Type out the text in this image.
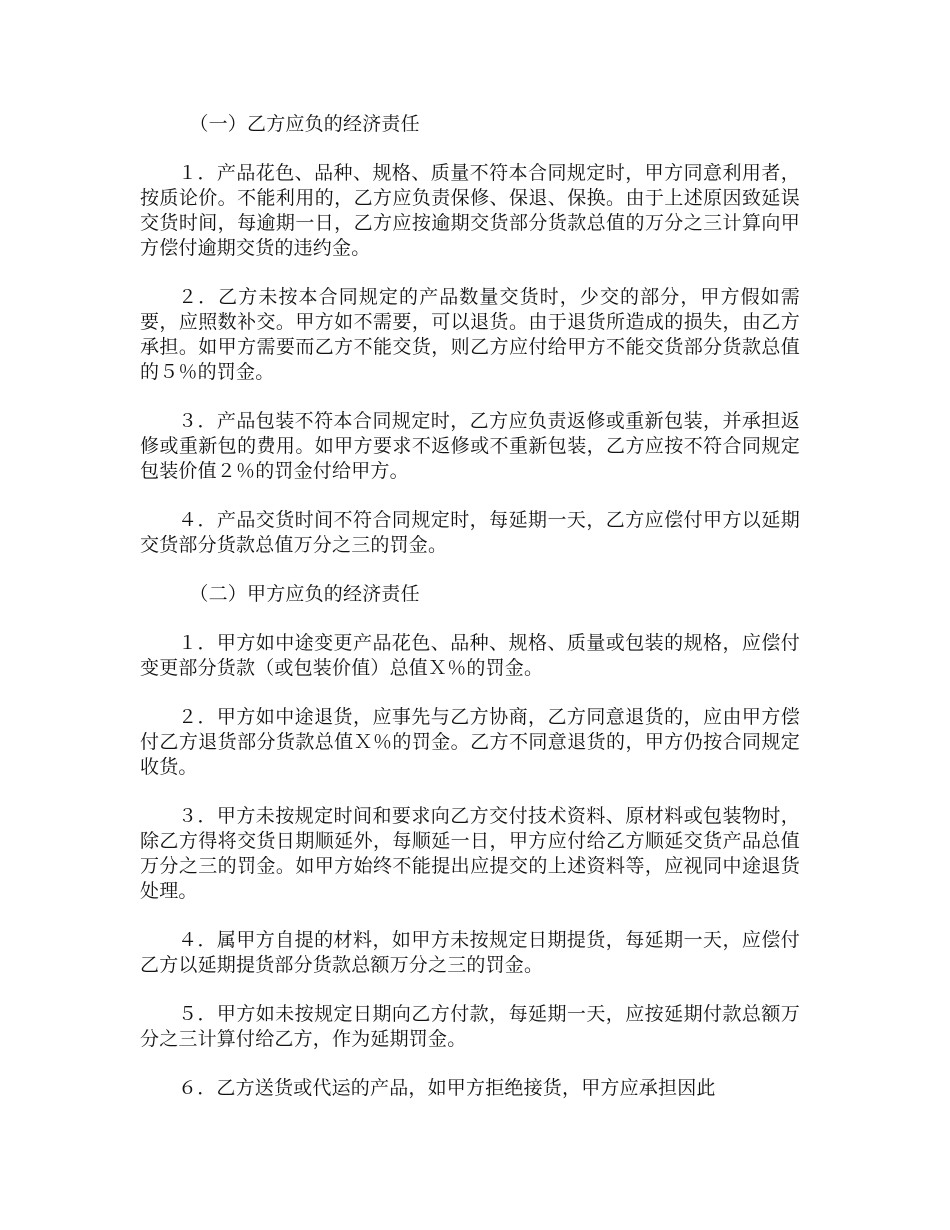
（一）乙方应负的经济责任

１．产品花色、品种、规格、质量不符本合同规定时，甲方同意利用者，按质论价。不能利用的，乙方应负责保修、保退、保换。由于上述原因致延误交货时间，每逾期一日，乙方应按逾期交货部分货款总值的万分之三计算向甲方偿付逾期交货的违约金。

２．乙方未按本合同规定的产品数量交货时，少交的部分，甲方假如需要，应照数补交。甲方如不需要，可以退货。由于退货所造成的损失，由乙方承担。如甲方需要而乙方不能交货，则乙方应付给甲方不能交货部分货款总值的５％的罚金。

３．产品包装不符本合同规定时，乙方应负责返修或重新包装，并承担返修或重新包的费用。如甲方要求不返修或不重新包装，乙方应按不符合同规定包装价值２％的罚金付给甲方。

４．产品交货时间不符合同规定时，每延期一天，乙方应偿付甲方以延期交货部分货款总值万分之三的罚金。

（二）甲方应负的经济责任

１．甲方如中途变更产品花色、品种、规格、质量或包装的规格，应偿付变更部分货款（或包装价值）总值Ｘ％的罚金。

２．甲方如中途退货，应事先与乙方协商，乙方同意退货的，应由甲方偿付乙方退货部分货款总值Ｘ％的罚金。乙方不同意退货的，甲方仍按合同规定收货。

３．甲方未按规定时间和要求向乙方交付技术资料、原材料或包装物时，除乙方得将交货日期顺延外，每顺延一日，甲方应付给乙方顺延交货产品总值万分之三的罚金。如甲方始终不能提出应提交的上述资料等，应视同中途退货处理。

４．属甲方自提的材料，如甲方未按规定日期提货，每延期一天，应偿付乙方以延期提货部分货款总额万分之三的罚金。

５．甲方如未按规定日期向乙方付款，每延期一天，应按延期付款总额万分之三计算付给乙方，作为延期罚金。

６．乙方送货或代运的产品，如甲方拒绝接货，甲方应承担因此
